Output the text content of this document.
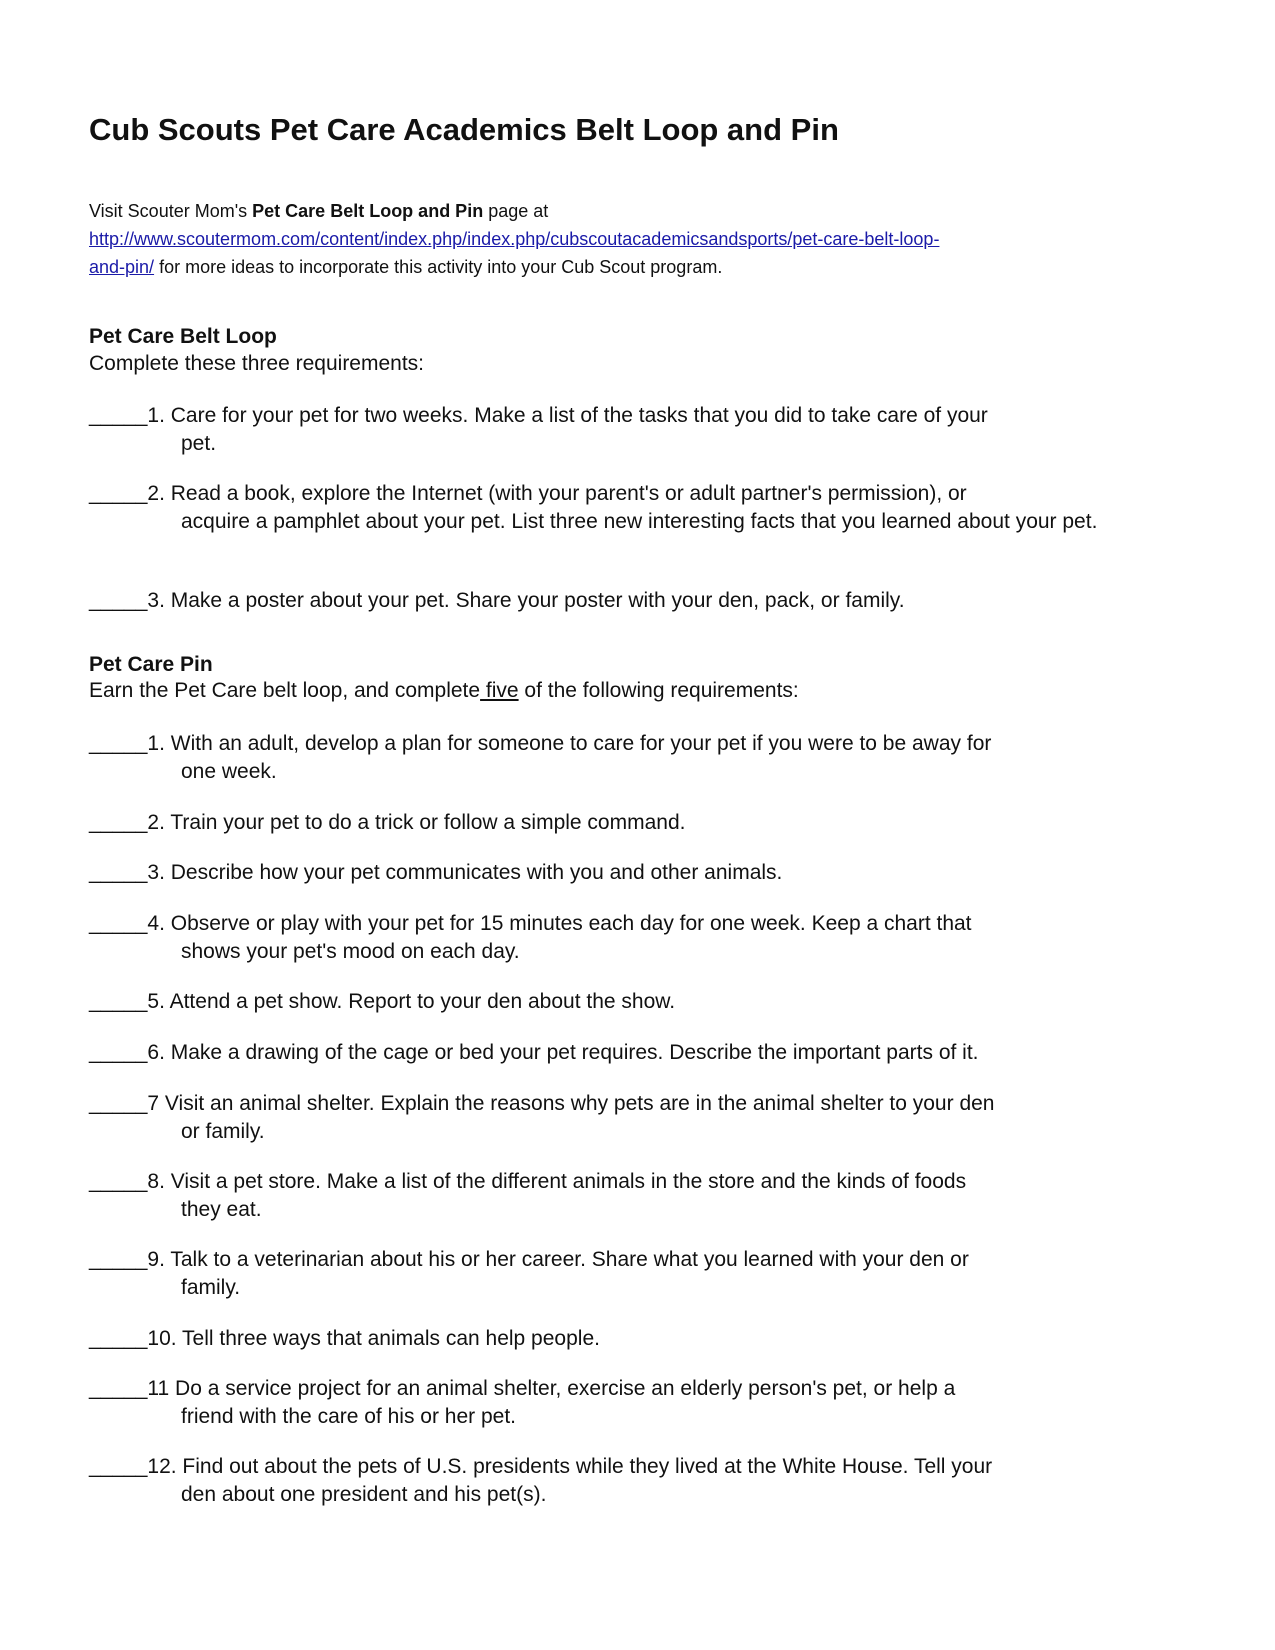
Cub Scouts Pet Care Academics Belt Loop and Pin
Visit Scouter Mom's Pet Care Belt Loop and Pin page at
http://www.scoutermom.com/content/index.php/index.php/cubscoutacademicsandsports/pet-care-belt-loop-
and-pin/ for more ideas to incorporate this activity into your Cub Scout program.
Pet Care Belt Loop
Complete these three requirements:
_____1. Care for your pet for two weeks. Make a list of the tasks that you did to take care of your
pet.
_____2. Read a book, explore the Internet (with your parent's or adult partner's permission), or
acquire a pamphlet about your pet. List three new interesting facts that you learned about your pet.
_____3. Make a poster about your pet. Share your poster with your den, pack, or family.
Pet Care Pin
Earn the Pet Care belt loop, and complete five of the following requirements:
_____1. With an adult, develop a plan for someone to care for your pet if you were to be away for
one week.
_____2. Train your pet to do a trick or follow a simple command.
_____3. Describe how your pet communicates with you and other animals.
_____4. Observe or play with your pet for 15 minutes each day for one week. Keep a chart that
shows your pet's mood on each day.
_____5. Attend a pet show. Report to your den about the show.
_____6. Make a drawing of the cage or bed your pet requires. Describe the important parts of it.
_____7 Visit an animal shelter. Explain the reasons why pets are in the animal shelter to your den
or family.
_____8. Visit a pet store. Make a list of the different animals in the store and the kinds of foods
they eat.
_____9. Talk to a veterinarian about his or her career. Share what you learned with your den or
family.
_____10. Tell three ways that animals can help people.
_____11 Do a service project for an animal shelter, exercise an elderly person's pet, or help a
friend with the care of his or her pet.
_____12. Find out about the pets of U.S. presidents while they lived at the White House. Tell your
den about one president and his pet(s).
